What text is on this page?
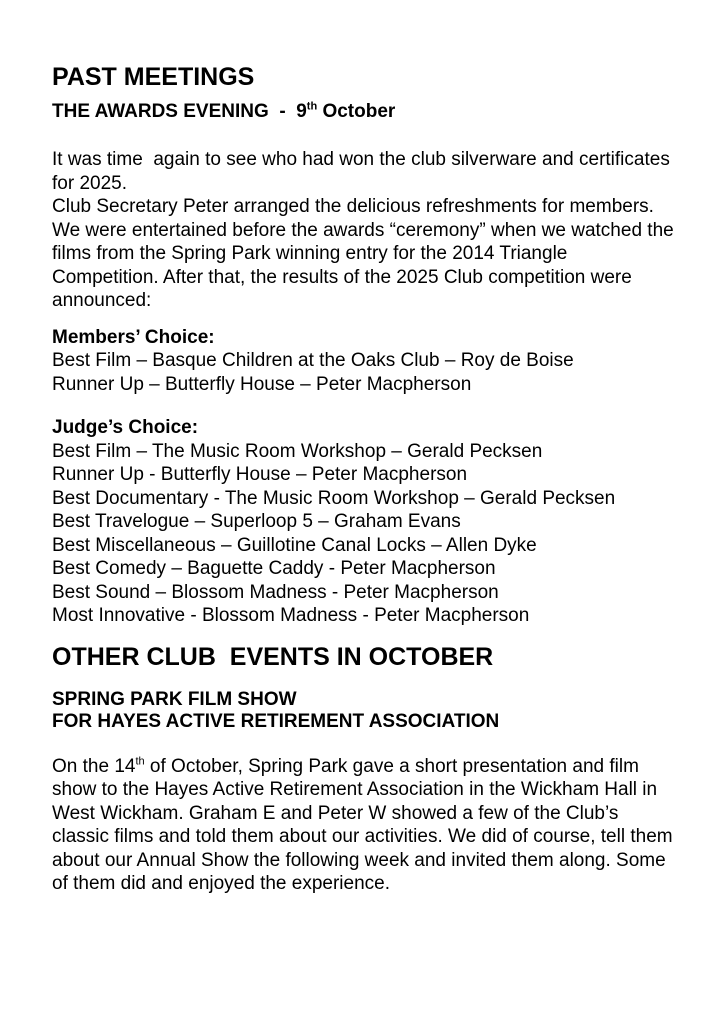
PAST MEETINGS
THE AWARDS EVENING  -  9th October
It was time  again to see who had won the club silverware and certificates
for 2025.
Club Secretary Peter arranged the delicious refreshments for members.
We were entertained before the awards “ceremony” when we watched the
films from the Spring Park winning entry for the 2014 Triangle
Competition. After that, the results of the 2025 Club competition were
announced:
Members’ Choice:
Best Film – Basque Children at the Oaks Club – Roy de Boise
Runner Up – Butterfly House – Peter Macpherson
Judge’s Choice:
Best Film – The Music Room Workshop – Gerald Pecksen
Runner Up - Butterfly House – Peter Macpherson
Best Documentary - The Music Room Workshop – Gerald Pecksen
Best Travelogue – Superloop 5 – Graham Evans
Best Miscellaneous – Guillotine Canal Locks – Allen Dyke
Best Comedy – Baguette Caddy - Peter Macpherson
Best Sound – Blossom Madness - Peter Macpherson
Most Innovative - Blossom Madness - Peter Macpherson
OTHER CLUB  EVENTS IN OCTOBER
SPRING PARK FILM SHOW
FOR HAYES ACTIVE RETIREMENT ASSOCIATION
On the 14th of October, Spring Park gave a short presentation and film
show to the Hayes Active Retirement Association in the Wickham Hall in
West Wickham. Graham E and Peter W showed a few of the Club’s
classic films and told them about our activities. We did of course, tell them
about our Annual Show the following week and invited them along. Some
of them did and enjoyed the experience.
